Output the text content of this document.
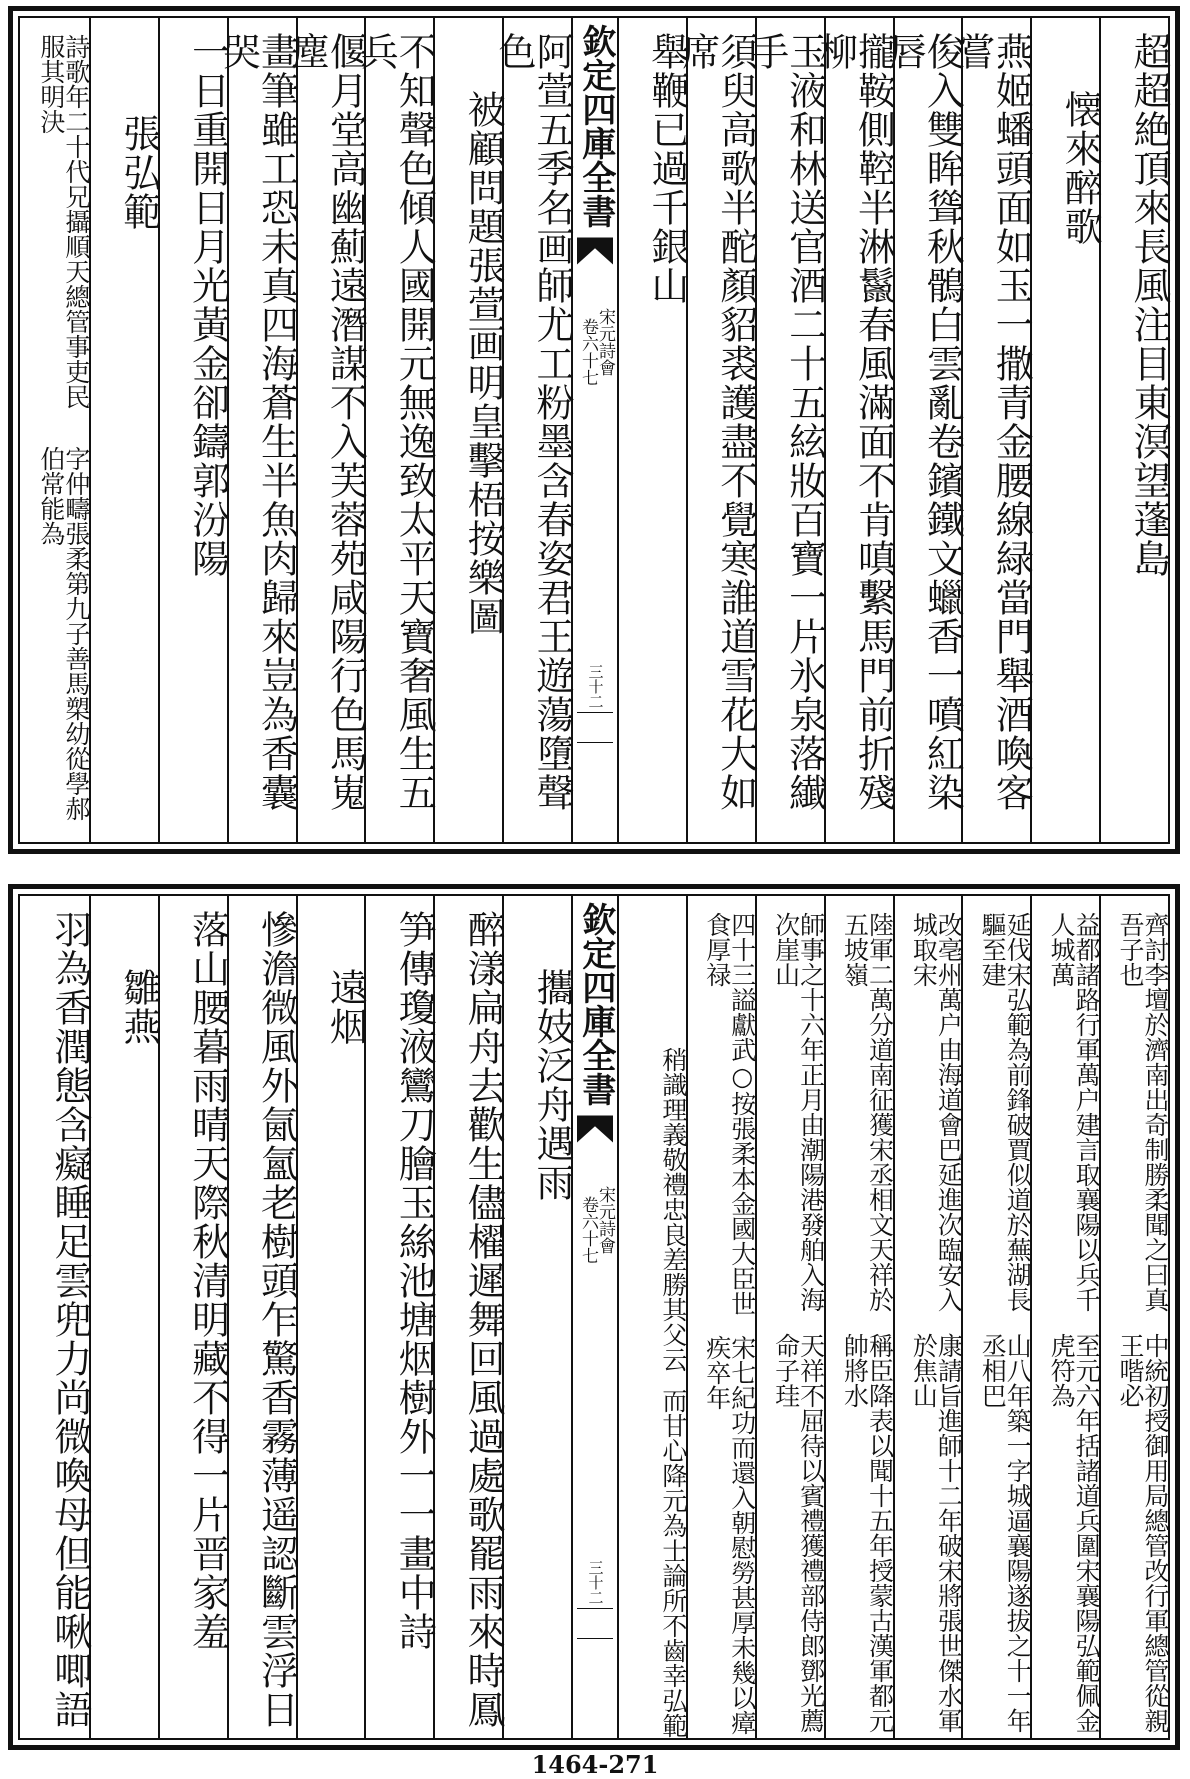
超超絶頂來長風注目東溟望蓬島
懐來醉歌
燕姬蟠頭面如玉一撒青金腰線緑當門舉酒喚客嘗
俊入雙眸聳秋鶻白雲亂卷鑌鐵文蠟香一噴紅染唇
攏鞍側鞚半淋鬣春風滿面不肯嗔繫馬門前折殘柳
玉液和林送官酒二十五絃妝百寶一片氷泉落纎手
須臾高歌半酡顏貂裘護盡不覺寒誰道雪花大如席
舉鞭已過千銀山
欽定四庫全書
宋元詩會
卷六十七
三十二
阿萱五季名画師尤工粉墨含春姿君王遊蕩墮聲色
被顧問題張萱画明皇擊梧按樂圖
不知聲色傾人國開元無逸致太平天寶奢風生五兵
偃月堂高幽薊遠潛謀不入芙蓉苑咸陽行色馬嵬塵
畫筆雖工恐未真四海蒼生半魚肉歸來豈為香囊哭
一日重開日月光黃金卻鑄郭汾陽
張弘範
字仲疇張柔第九子善馬槊幼從學郝伯常能為
詩歌年二十代兄攝順天總管事吏民服其明決
中統初授御用局總管改行軍總管從親王喈必
齊討李壇於濟南出奇制勝柔聞之曰真吾子也
至元六年括諸道兵圍宋襄陽弘範佩金虎符為
益都諸路行軍萬户建言取襄陽以兵千人城萬
山八年築一字城逼襄陽遂拔之十一年丞相巴
延伐宋弘範為前鋒破賈似道於蕪湖長驅至建
康請旨進師十二年破宋將張世傑水軍於焦山
改亳州萬户由海道會巴延進次臨安入城取宋
稱臣降表以聞十五年授蒙古漢軍都元帥將水
陸軍二萬分道南征獲宋丞相文天祥於五坡嶺
天祥不屈待以賓禮獲禮部侍郎鄧光薦命子珪
師事之十六年正月由潮陽港發舶入海次崖山
宋七紀功而還入朝慰勞甚厚未幾以瘴疾卒年
四十三謚獻武○按張柔本金國大臣世食厚禄
而甘心降元為士論所不齒幸弘範
稍識理義敬禮忠良差勝其父云
欽定四庫全書
宋元詩會
卷六十七
三十二
攜妓泛舟遇雨
醉漾扁舟去歡生儘櫂遲舞回風過處歌罷雨來時鳳
笋傳瓊液鸞刀膾玉絲池塘烟樹外一一畫中詩
遠烟
慘澹微風外氤氳老樹頭乍驚香霧薄遥認斷雲浮日
落山腰暮雨晴天際秋清明藏不得一片晋家羞
雛燕
羽為香潤態含癡睡足雲兜力尚微喚母但能啾唧語
1464-271
